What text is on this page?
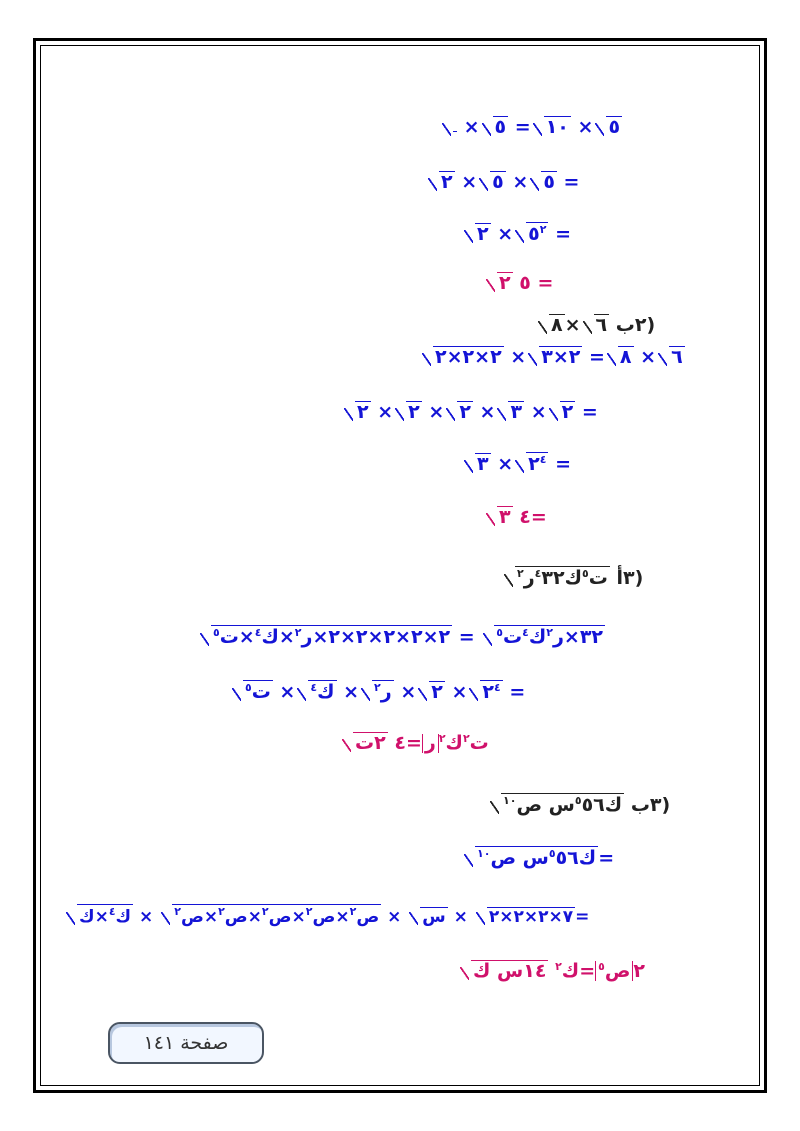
× ٥ = ١٠ × ٥
٢ × ٥ × ٥ =
٢ × $٥^٢$ =
٢ ٥ =
٨ × ٦ ٢ب)
٢×٢×٢ × ٢×٣ = ٨ × ٦
٢ × ٢ × ٢ × ٣ × ٢ =
٣ × $٢^٤$ =
٣ ٤=
ت$^٥$ك$^٤$٣٢ر$^٢$	٣أ)
٢×٢×٢×٢×٢×ر$^٢$×ك$^٤$×ت$^٥$	=	٣٢×ر$^٢$ك$^٤$ت$^٥$
ت$^٥$ × ك$^٤$ × ر$^٢$ × ٢ × $٢^٤$ =
٢ت	ت$^٢$ك$^٢$ر=٤
ك$^٥$٥٦س ص$^{١٠}$	٣ب)
ك$^٥$٥٦س ص$^{١٠}$	=
ك$^٤$×ك ×	ص$^٢$×ص$^٢$×ص$^٢$×ص$^٢$×ص$^٢$	× س × ٧×٢×٢×٢ =
١٤س ك	٢ص$^٥$=ك$^٢$
صفحة ١٤١
